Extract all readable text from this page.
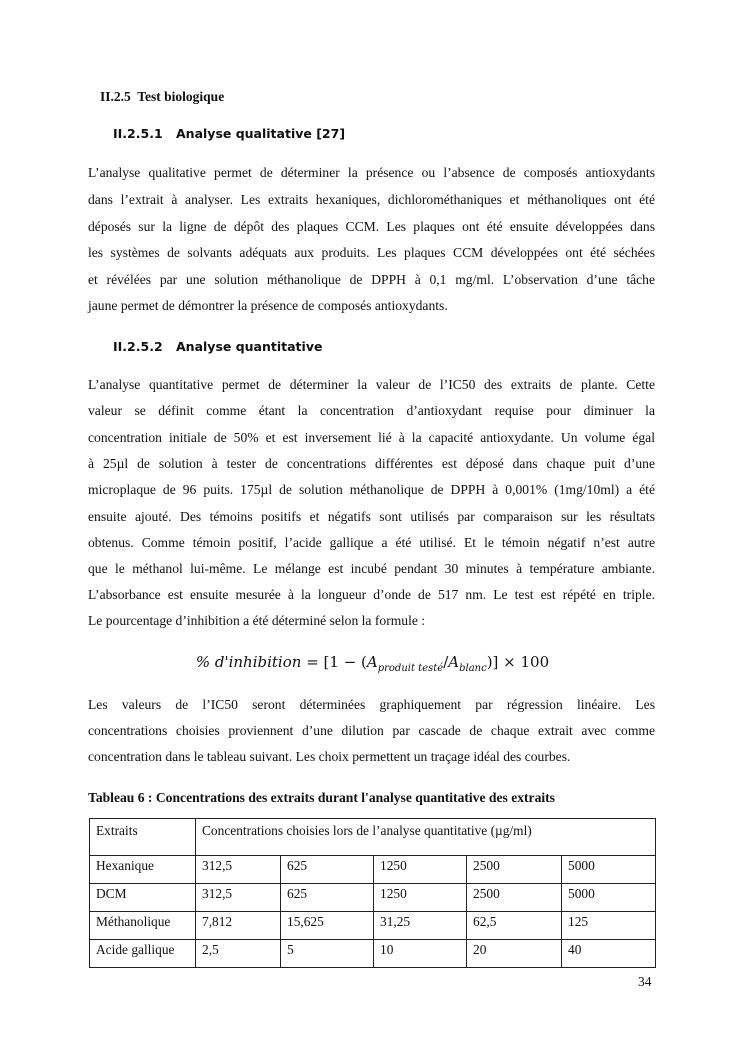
II.2.5 Test biologique
II.2.5.1 Analyse qualitative [27]
L’analyse qualitative permet de déterminer la présence ou l’absence de composés antioxydants
dans l’extrait à analyser. Les extraits hexaniques, dichlorométhaniques et méthanoliques ont été
déposés sur la ligne de dépôt des plaques CCM. Les plaques ont été ensuite développées dans
les systèmes de solvants adéquats aux produits. Les plaques CCM développées ont été séchées
et révélées par une solution méthanolique de DPPH à 0,1 mg/ml. L’observation d’une tâche
jaune permet de démontrer la présence de composés antioxydants.
II.2.5.2 Analyse quantitative
L’analyse quantitative permet de déterminer la valeur de l’IC50 des extraits de plante. Cette
valeur se définit comme étant la concentration d’antioxydant requise pour diminuer la
concentration initiale de 50% et est inversement lié à la capacité antioxydante. Un volume égal
à 25µl de solution à tester de concentrations différentes est déposé dans chaque puit d’une
microplaque de 96 puits. 175µl de solution méthanolique de DPPH à 0,001% (1mg/10ml) a été
ensuite ajouté. Des témoins positifs et négatifs sont utilisés par comparaison sur les résultats
obtenus. Comme témoin positif, l’acide gallique a été utilisé. Et le témoin négatif n’est autre
que le méthanol lui-même. Le mélange est incubé pendant 30 minutes à température ambiante.
L’absorbance est ensuite mesurée à la longueur d’onde de 517 nm. Le test est répété en triple.
Le pourcentage d’inhibition a été déterminé selon la formule :
% d'inhibition = $[1 - (A_{produit testé}/A_{blanc})] \times 100$
Les valeurs de l’IC50 seront déterminées graphiquement par régression linéaire. Les
concentrations choisies proviennent d’une dilution par cascade de chaque extrait avec comme
concentration dans le tableau suivant. Les choix permettent un traçage idéal des courbes.
Tableau 6 : Concentrations des extraits durant l'analyse quantitative des extraits
Extraits	Concentrations choisies lors de l’analyse quantitative (µg/ml)				
Hexanique	312,5	625	1250	2500	5000
DCM	312,5	625	1250	2500	5000
Méthanolique	7,812	15,625	31,25	62,5	125
Acide gallique	2,5	5	10	20	40
34
